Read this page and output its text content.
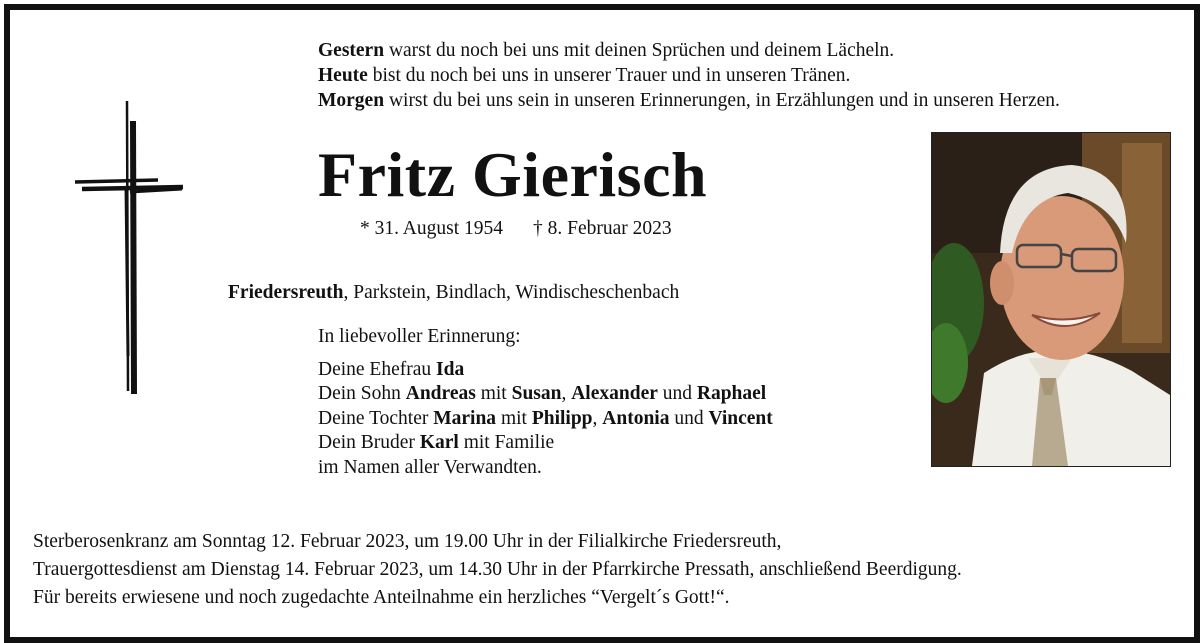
Gestern warst du noch bei uns mit deinen Sprüchen und deinem Lächeln.
Heute bist du noch bei uns in unserer Trauer und in unseren Tränen.
Morgen wirst du bei uns sein in unseren Erinnerungen, in Erzählungen und in unseren Herzen.
Fritz Gierisch
* 31. August 1954 † 8. Februar 2023
Friedersreuth, Parkstein, Bindlach, Windischeschenbach
In liebevoller Erinnerung:
Deine Ehefrau Ida
Dein Sohn Andreas mit Susan, Alexander und Raphael
Deine Tochter Marina mit Philipp, Antonia und Vincent
Dein Bruder Karl mit Familie
im Namen aller Verwandten.
Sterberosenkranz am Sonntag 12. Februar 2023, um 19.00 Uhr in der Filialkirche Friedersreuth,
Trauergottesdienst am Dienstag 14. Februar 2023, um 14.30 Uhr in der Pfarrkirche Pressath, anschließend Beerdigung.
Für bereits erwiesene und noch zugedachte Anteilnahme ein herzliches “Vergelt´s Gott!“.
